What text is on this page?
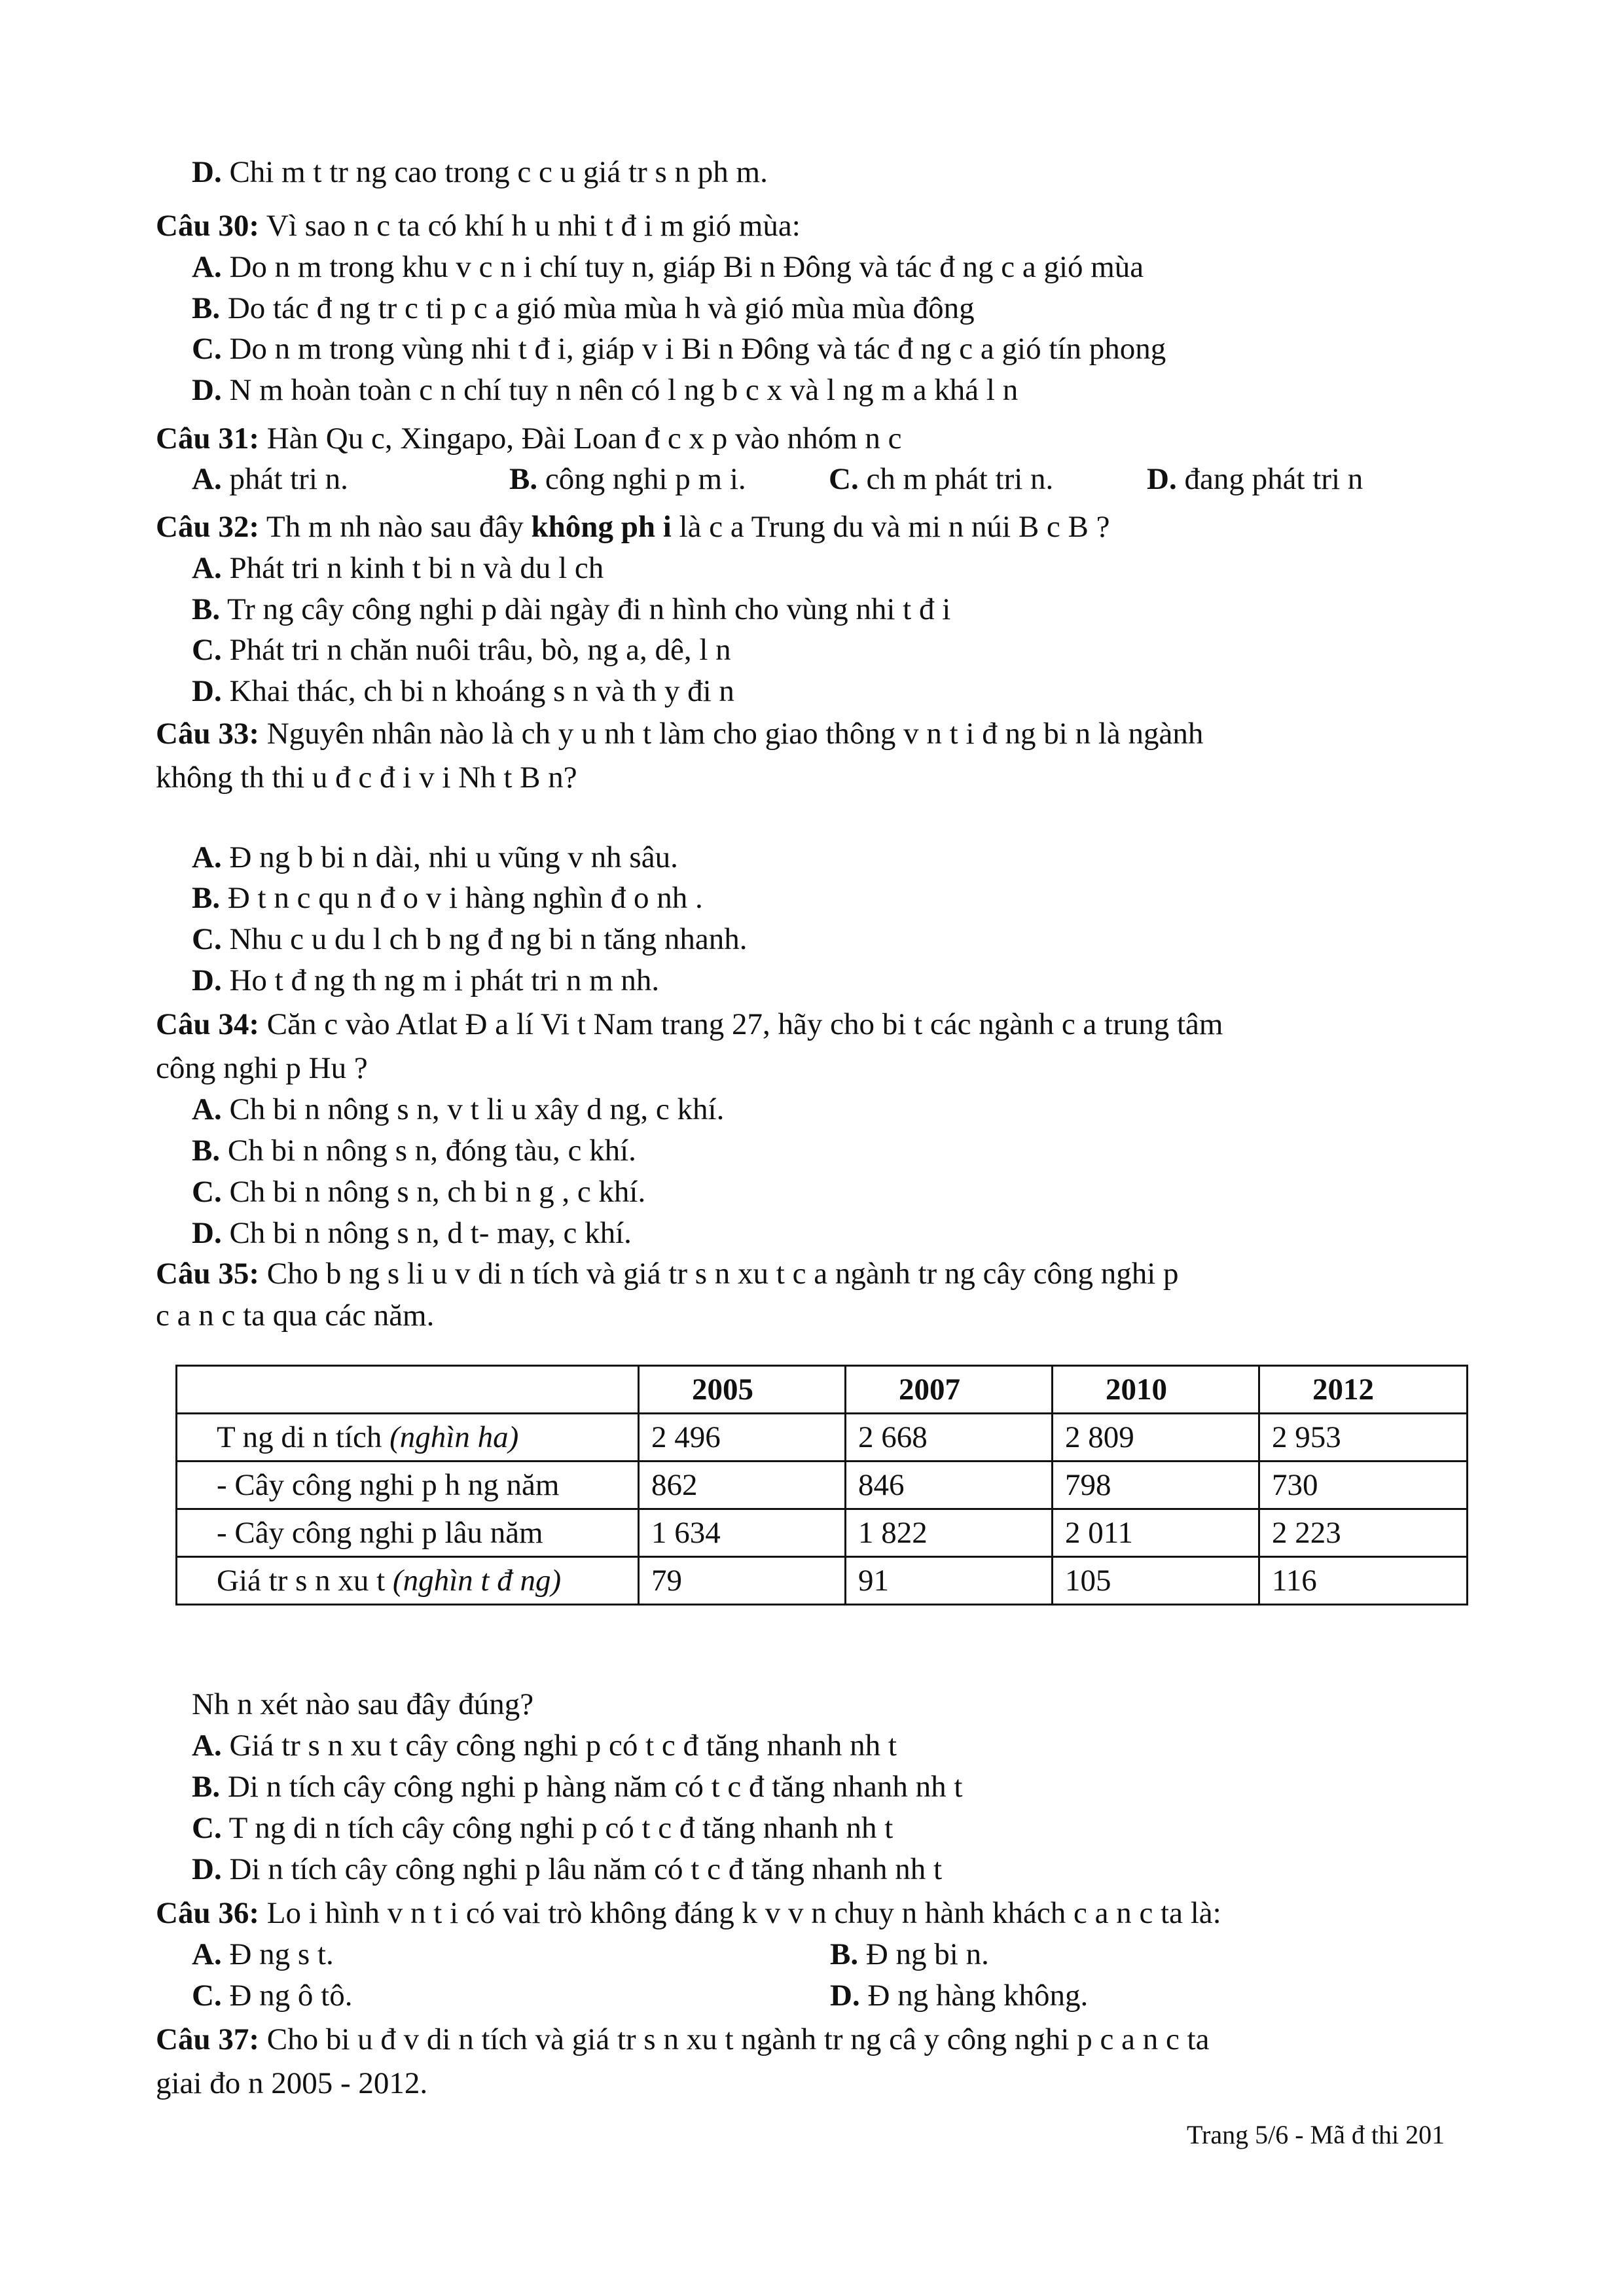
D. Chi m t tr ng cao trong c c u giá tr s n ph m.
Câu 30: Vì sao n c ta có khí h u nhi t đ i m gió mùa:
A. Do n m trong khu v c n i chí tuy n, giáp Bi n Đông và tác đ ng c a gió mùa
B. Do tác đ ng tr c ti p c a gió mùa mùa h và gió mùa mùa đông
C. Do n m trong vùng nhi t đ i, giáp v i Bi n Đông và tác đ ng c a gió tín phong
D. N m hoàn toàn c n chí tuy n nên có l ng b c x và l ng m a khá l n
Câu 31: Hàn Qu c, Xingapo, Đài Loan đ c x p vào nhóm n c
A. phát tri n.	B. công nghi p m i.	C. ch m phát tri n.	D. đang phát tri n
Câu 32: Th m nh nào sau đây không ph i là c a Trung du và mi n núi B c B ?
A. Phát tri n kinh t bi n và du l ch
B. Tr ng cây công nghi p dài ngày đi n hình cho vùng nhi t đ i
C. Phát tri n chăn nuôi trâu, bò, ng a, dê, l n
D. Khai thác, ch bi n khoáng s n và th y đi n
Câu 33: Nguyên nhân nào là ch y u nh t làm cho giao thông v n t i đ ng bi n là ngành
không th thi u đ c đ i v i Nh t B n?
A. Đ ng b bi n dài, nhi u vũng v nh sâu.
B. Đ t n c qu n đ o v i hàng nghìn đ o nh .
C. Nhu c u du l ch b ng đ ng bi n tăng nhanh.
D. Ho t đ ng th ng m i phát tri n m nh.
Câu 34: Căn c vào Atlat Đ a lí Vi t Nam trang 27, hãy cho bi t các ngành c a trung tâm
công nghi p Hu ?
A. Ch bi n nông s n, v t li u xây d ng, c khí.
B. Ch bi n nông s n, đóng tàu, c khí.
C. Ch bi n nông s n, ch bi n g , c khí.
D. Ch bi n nông s n, d t- may, c khí.
Câu 35: Cho b ng s li u v di n tích và giá tr s n xu t c a ngành tr ng cây công nghi p
c a n c ta qua các năm.
	2005	2007	2010	2012
T ng di n tích (nghìn ha)	2 496	2 668	2 809	2 953
- Cây công nghi p h ng năm	862	846	798	730
- Cây công nghi p lâu năm	1 634	1 822	2 011	2 223
Giá tr s n xu t (nghìn t đ ng)	79	91	105	116
Nh n xét nào sau đây đúng?
A. Giá tr s n xu t cây công nghi p có t c đ tăng nhanh nh t
B. Di n tích cây công nghi p hàng năm có t c đ tăng nhanh nh t
C. T ng di n tích cây công nghi p có t c đ tăng nhanh nh t
D. Di n tích cây công nghi p lâu năm có t c đ tăng nhanh nh t
Câu 36: Lo i hình v n t i có vai trò không đáng k v v n chuy n hành khách c a n c ta là:
A. Đ ng s t.	B. Đ ng bi n.
C. Đ ng ô tô.	D. Đ ng hàng không.
Câu 37: Cho bi u đ v di n tích và giá tr s n xu t ngành tr ng câ y công nghi p c a n c ta
giai đo n 2005 - 2012.
Trang 5/6 - Mã đ thi 201
